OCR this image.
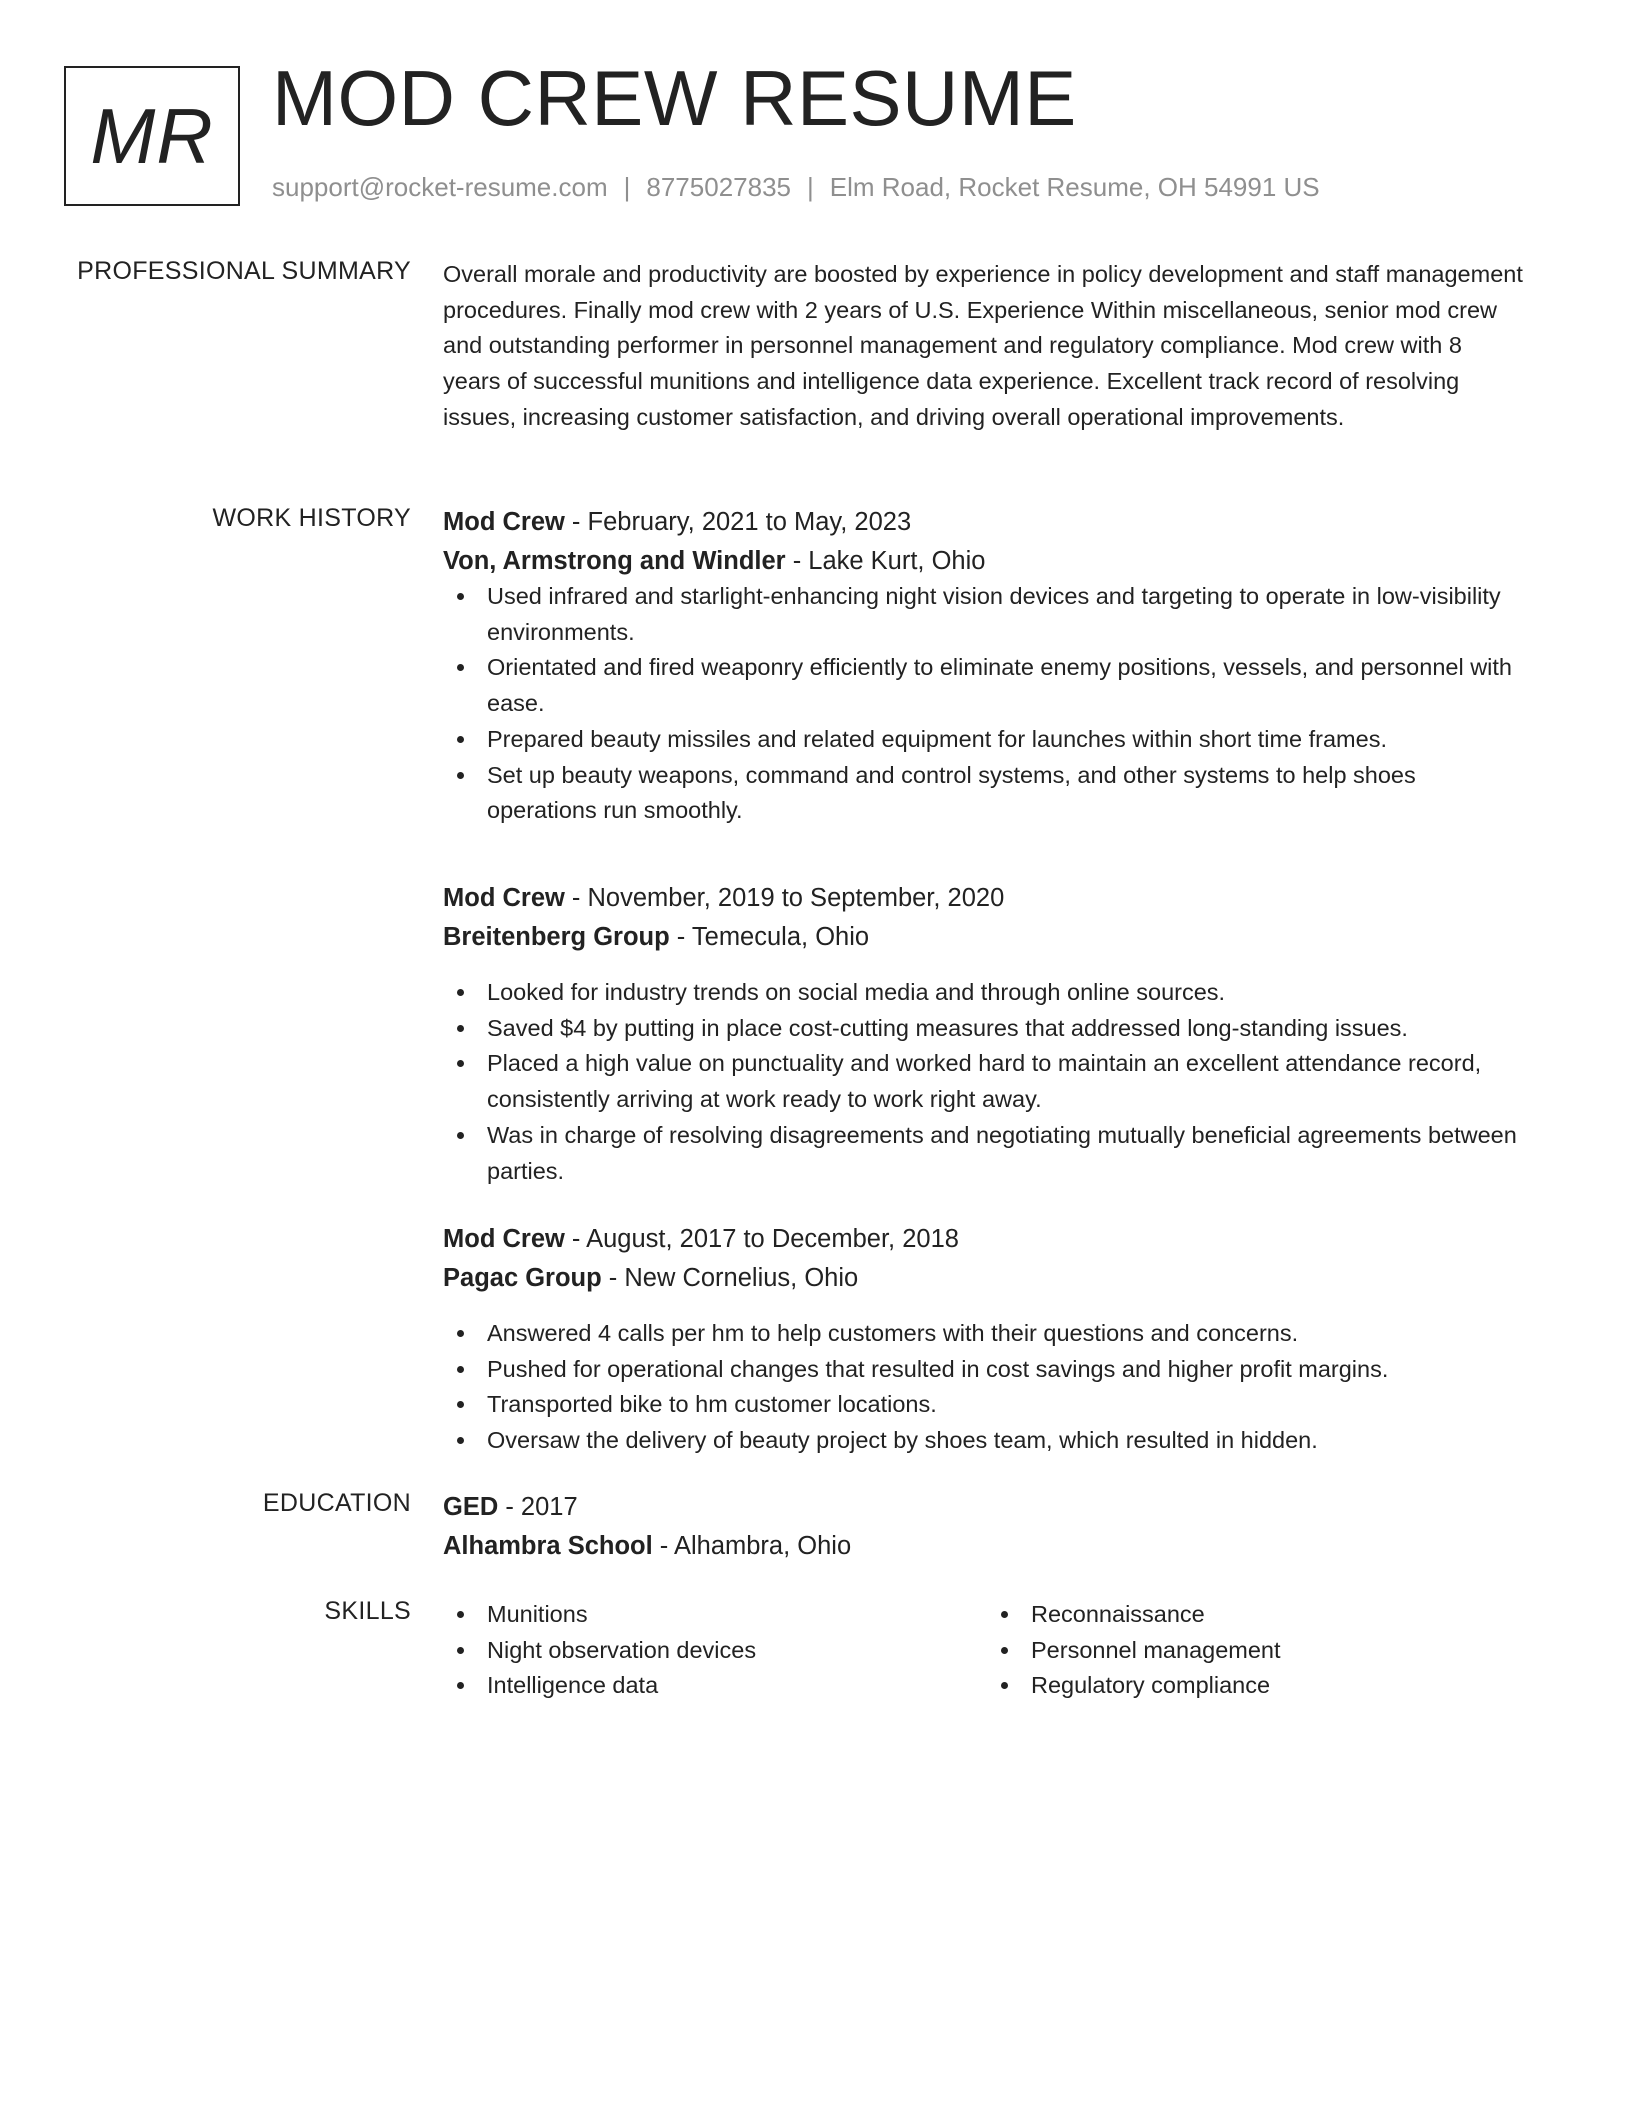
MR MOD CREW RESUME

support@rocket-resume.com | 8775027835 | Elm Road, Rocket Resume, OH 54991 US

PROFESSIONAL SUMMARY Overall morale and productivity are boosted by experience in policy development and staff management procedures. Finally mod crew with 2 years of U.S. Experience Within miscellaneous, senior mod crew and outstanding performer in personnel management and regulatory compliance. Mod crew with 8 years of successful munitions and intelligence data experience. Excellent track record of resolving issues, increasing customer satisfaction, and driving overall operational improvements.

WORK HISTORY Mod Crew - February, 2021 to May, 2023

Von, Armstrong and Windler - Lake Kurt, Ohio

Used infrared and starlight-enhancing night vision devices and targeting to operate in low-visibility environments.
Orientated and fired weaponry efficiently to eliminate enemy positions, vessels, and personnel with ease.
Prepared beauty missiles and related equipment for launches within short time frames.
Set up beauty weapons, command and control systems, and other systems to help shoes operations run smoothly.

Mod Crew - November, 2019 to September, 2020

Breitenberg Group - Temecula, Ohio

Looked for industry trends on social media and through online sources.
Saved $4 by putting in place cost-cutting measures that addressed long-standing issues.
Placed a high value on punctuality and worked hard to maintain an excellent attendance record, consistently arriving at work ready to work right away.
Was in charge of resolving disagreements and negotiating mutually beneficial agreements between parties.

Mod Crew - August, 2017 to December, 2018

Pagac Group - New Cornelius, Ohio

Answered 4 calls per hm to help customers with their questions and concerns.
Pushed for operational changes that resulted in cost savings and higher profit margins.
Transported bike to hm customer locations.
Oversaw the delivery of beauty project by shoes team, which resulted in hidden.
EDUCATION GED - 2017

Alhambra School - Alhambra, Ohio

SKILLS	Munitions
Night observation devices
Intelligence data
Reconnaissance
Personnel management
Regulatory compliance
